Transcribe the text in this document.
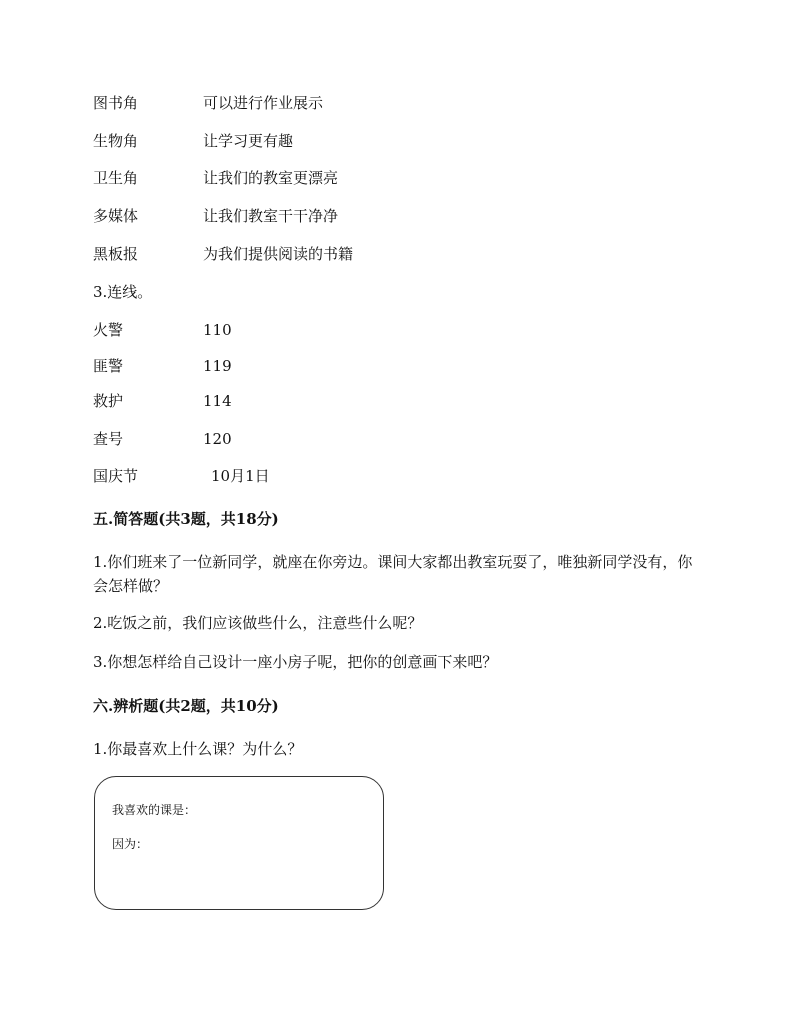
图书角	可以进行作业展示
生物角	让学习更有趣
卫生角	让我们的教室更漂亮
多媒体	让我们教室干干净净
黑板报	为我们提供阅读的书籍
3.连线。
火警	110
匪警	119
救护	114
查号	120
国庆节	10月1日
五.简答题(共3题，共18分)
1.你们班来了一位新同学，就座在你旁边。课间大家都出教室玩耍了，唯独新同学没有，你会怎样做？
2.吃饭之前，我们应该做些什么，注意些什么呢？
3.你想怎样给自己设计一座小房子呢，把你的创意画下来吧？
六.辨析题(共2题，共10分)
1.你最喜欢上什么课？为什么？
我喜欢的课是：
因为：
